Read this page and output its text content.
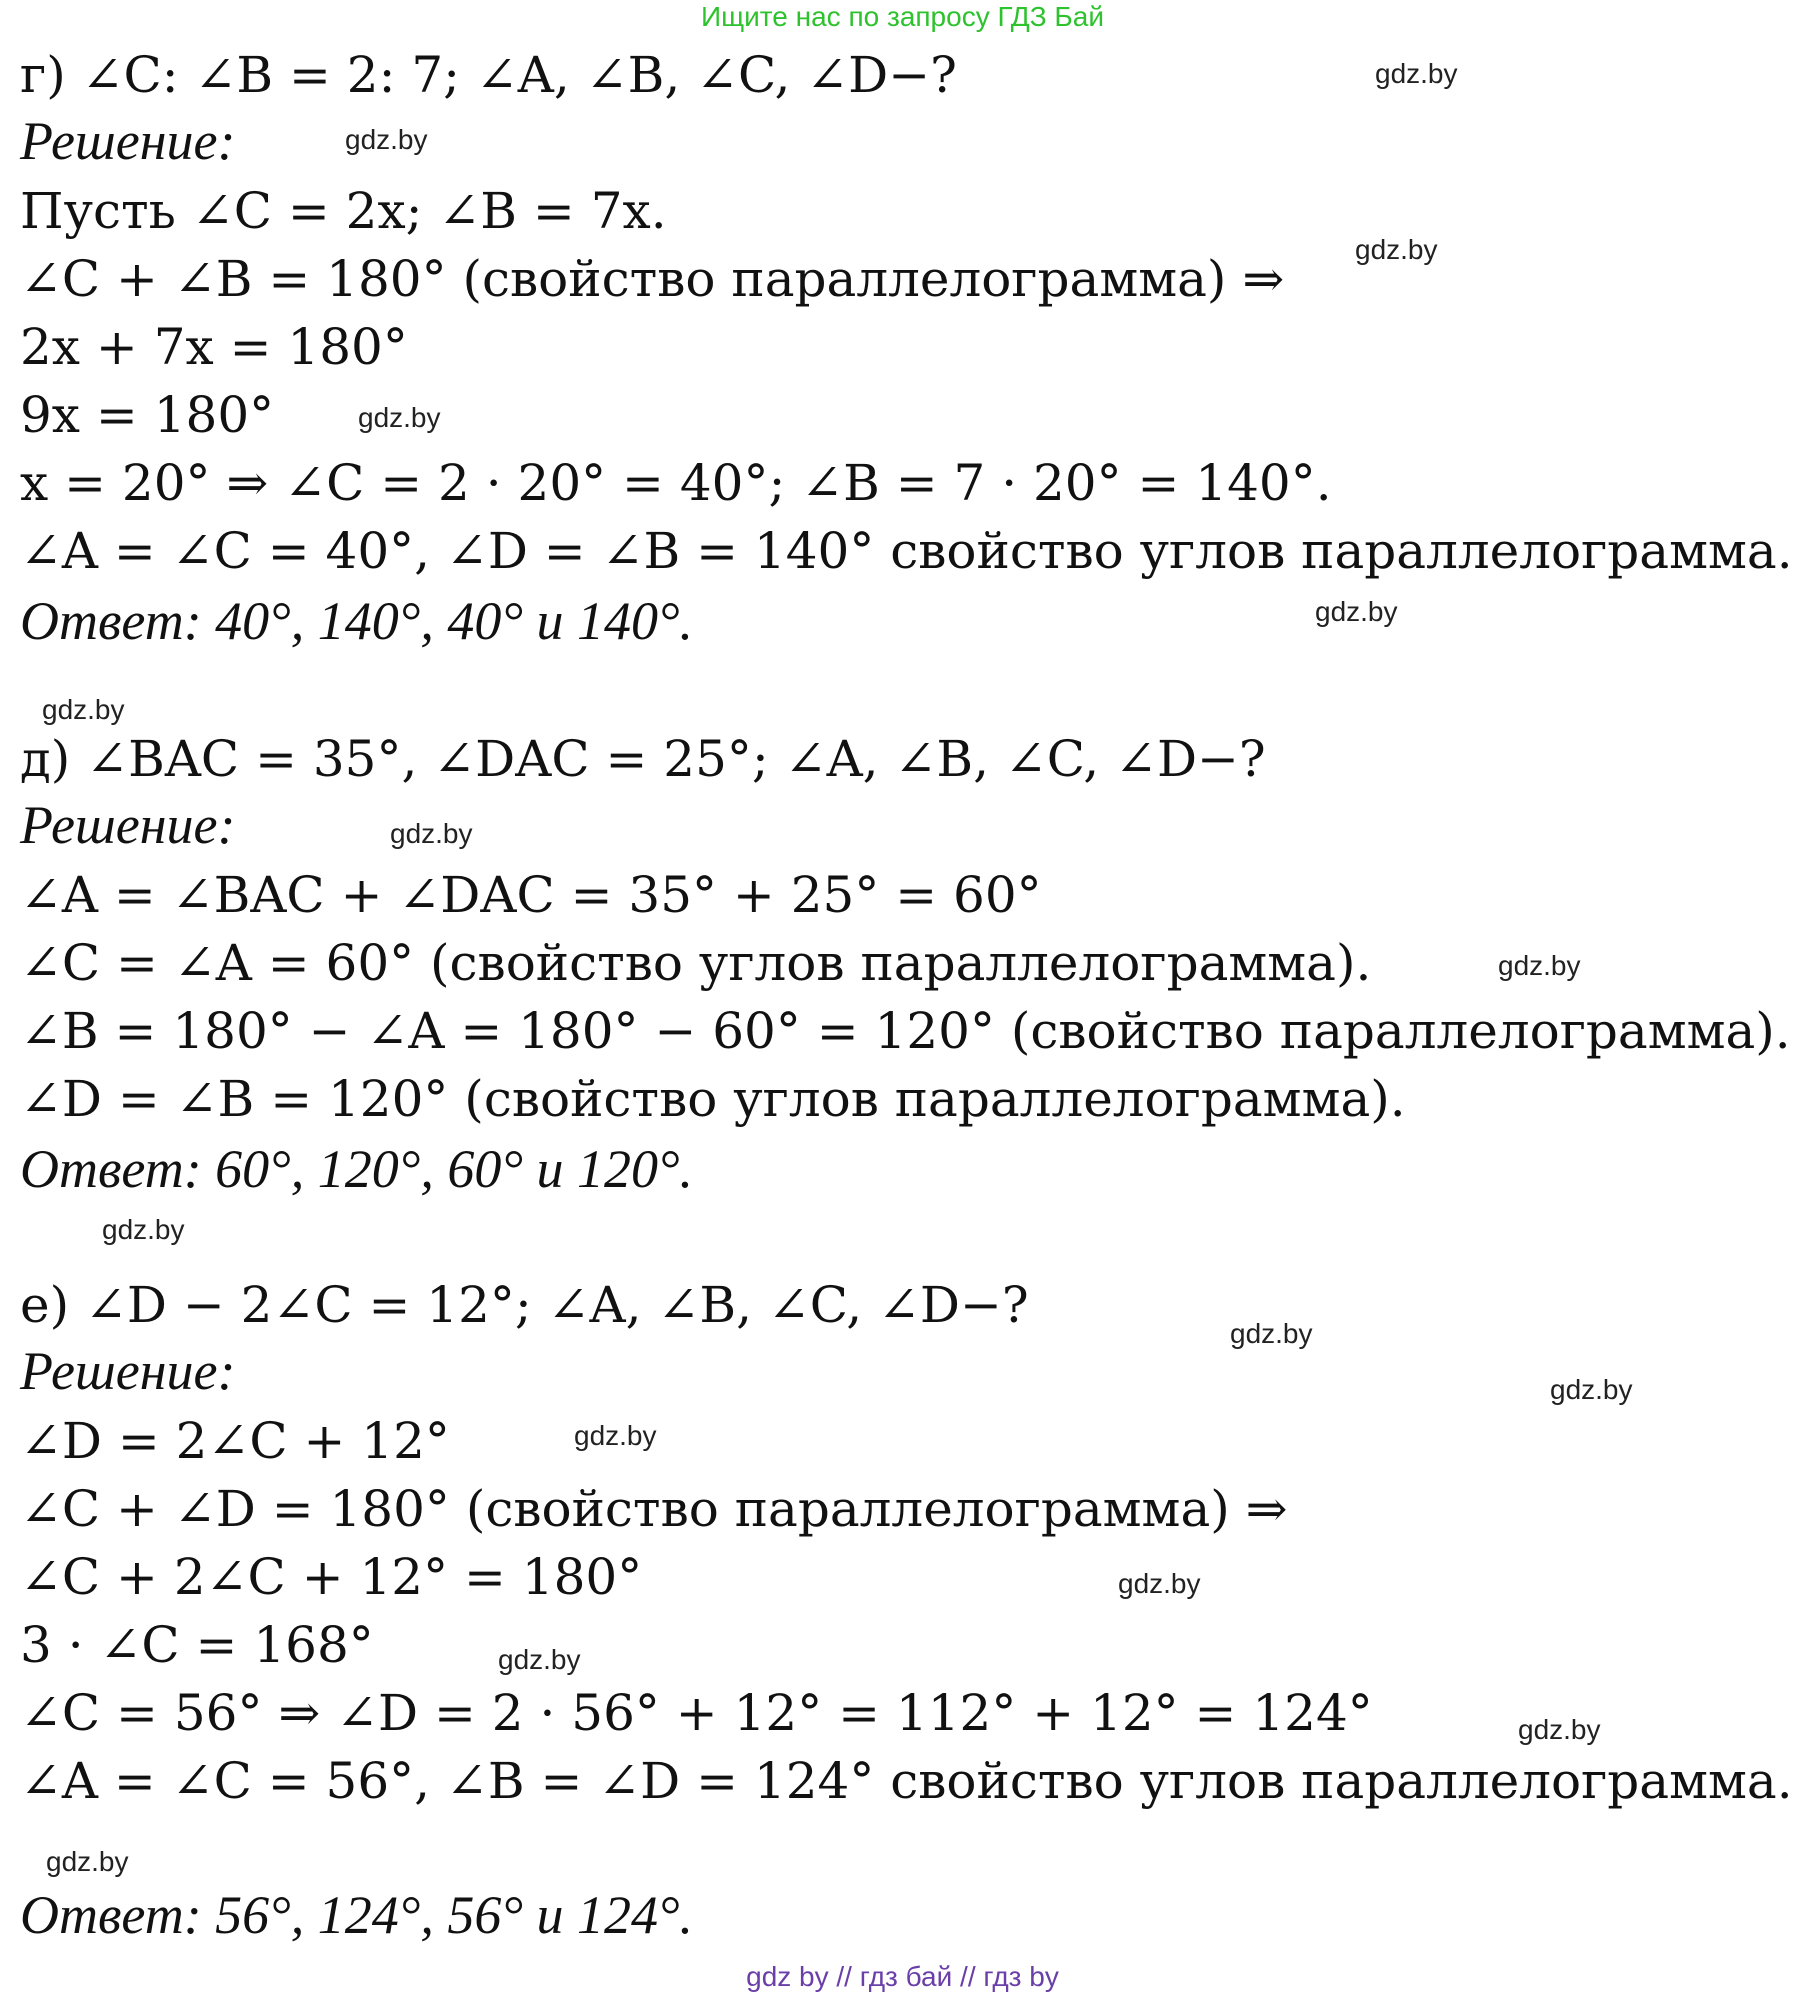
Ищите нас по запросу ГДЗ Бай
г) ∠C: ∠B = 2: 7; ∠A, ∠B, ∠C, ∠D−?
Решение:
Пусть ∠C = 2x; ∠B = 7x.
∠C + ∠B = 180° (свойство параллелограмма) ⇒
2x + 7x = 180°
9x = 180°
x = 20° ⇒ ∠C = 2 · 20° = 40°; ∠B = 7 · 20° = 140°.
∠A = ∠C = 40°, ∠D = ∠B = 140° свойство углов параллелограмма.
Ответ: 40°, 140°, 40° и 140°.
д) ∠BAC = 35°, ∠DAC = 25°; ∠A, ∠B, ∠C, ∠D−?
Решение:
∠A = ∠BAC + ∠DAC = 35° + 25° = 60°
∠C = ∠A = 60° (свойство углов параллелограмма).
∠B = 180° − ∠A = 180° − 60° = 120° (свойство параллелограмма).
∠D = ∠B = 120° (свойство углов параллелограмма).
Ответ: 60°, 120°, 60° и 120°.
е) ∠D − 2∠C = 12°; ∠A, ∠B, ∠C, ∠D−?
Решение:
∠D = 2∠C + 12°
∠C + ∠D = 180° (свойство параллелограмма) ⇒
∠C + 2∠C + 12° = 180°
3 · ∠C = 168°
∠C = 56° ⇒ ∠D = 2 · 56° + 12° = 112° + 12° = 124°
∠A = ∠C = 56°, ∠B = ∠D = 124° свойство углов параллелограмма.
Ответ: 56°, 124°, 56° и 124°.
gdz.by
gdz.by
gdz.by
gdz.by
gdz.by
gdz.by
gdz.by
gdz.by
gdz.by
gdz.by
gdz.by
gdz.by
gdz.by
gdz.by
gdz.by
gdz.by
gdz by // гдз бай // гдз by
